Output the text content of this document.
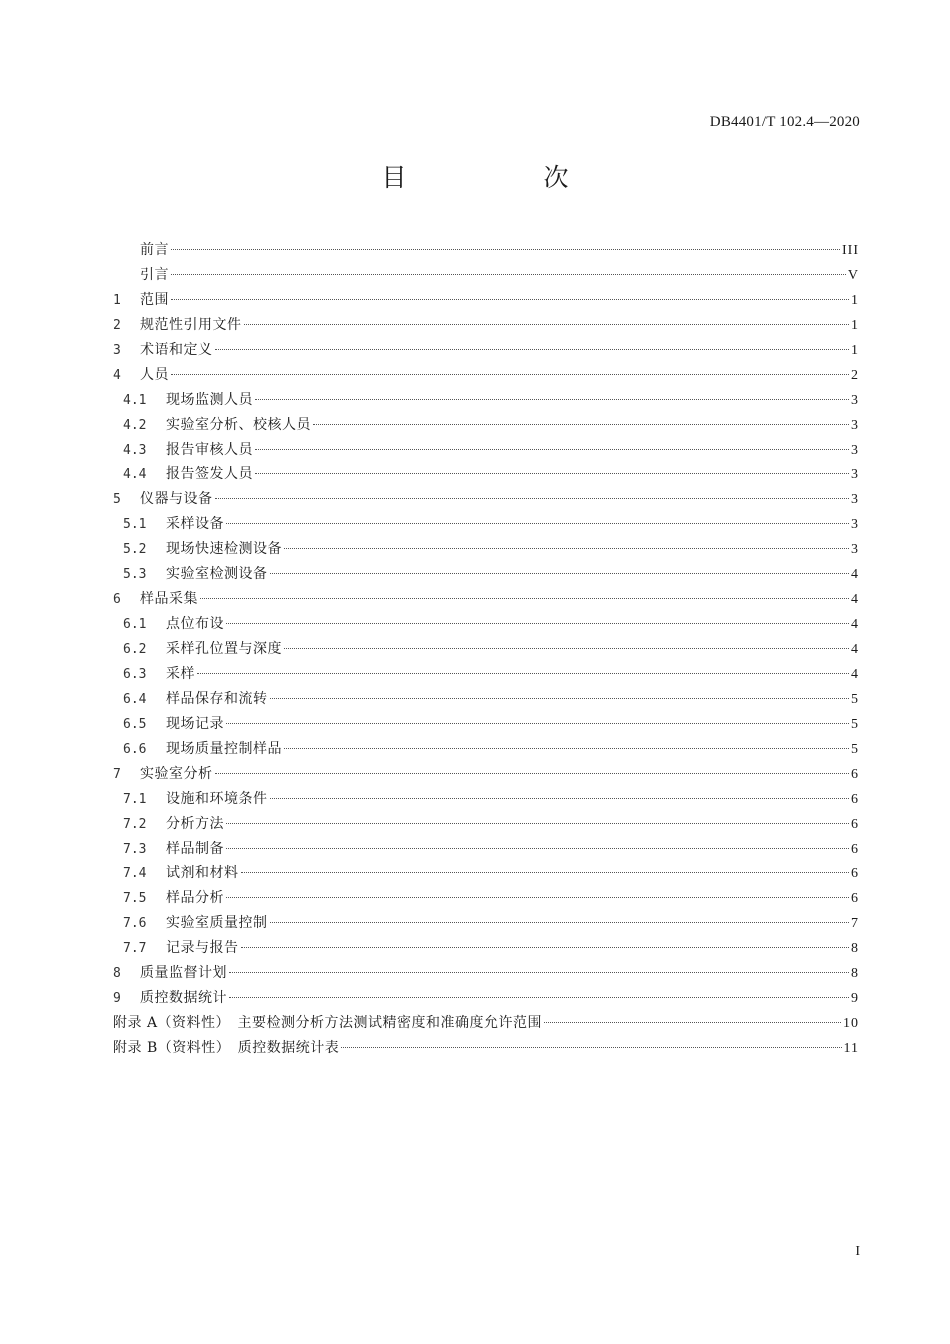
DB4401/T 102.4—2020
目　次
前言	III
引言	V
1	范围	1
2	规范性引用文件	1
3	术语和定义	1
4	人员	2
4.1	现场监测人员	3
4.2	实验室分析、校核人员	3
4.3	报告审核人员	3
4.4	报告签发人员	3
5	仪器与设备	3
5.1	采样设备	3
5.2	现场快速检测设备	3
5.3	实验室检测设备	4
6	样品采集	4
6.1	点位布设	4
6.2	采样孔位置与深度	4
6.3	采样	4
6.4	样品保存和流转	5
6.5	现场记录	5
6.6	现场质量控制样品	5
7	实验室分析	6
7.1	设施和环境条件	6
7.2	分析方法	6
7.3	样品制备	6
7.4	试剂和材料	6
7.5	样品分析	6
7.6	实验室质量控制	7
7.7	记录与报告	8
8	质量监督计划	8
9	质控数据统计	9
附录 A（资料性）　主要检测分析方法测试精密度和准确度允许范围	10
附录 B（资料性）　质控数据统计表	11
I
